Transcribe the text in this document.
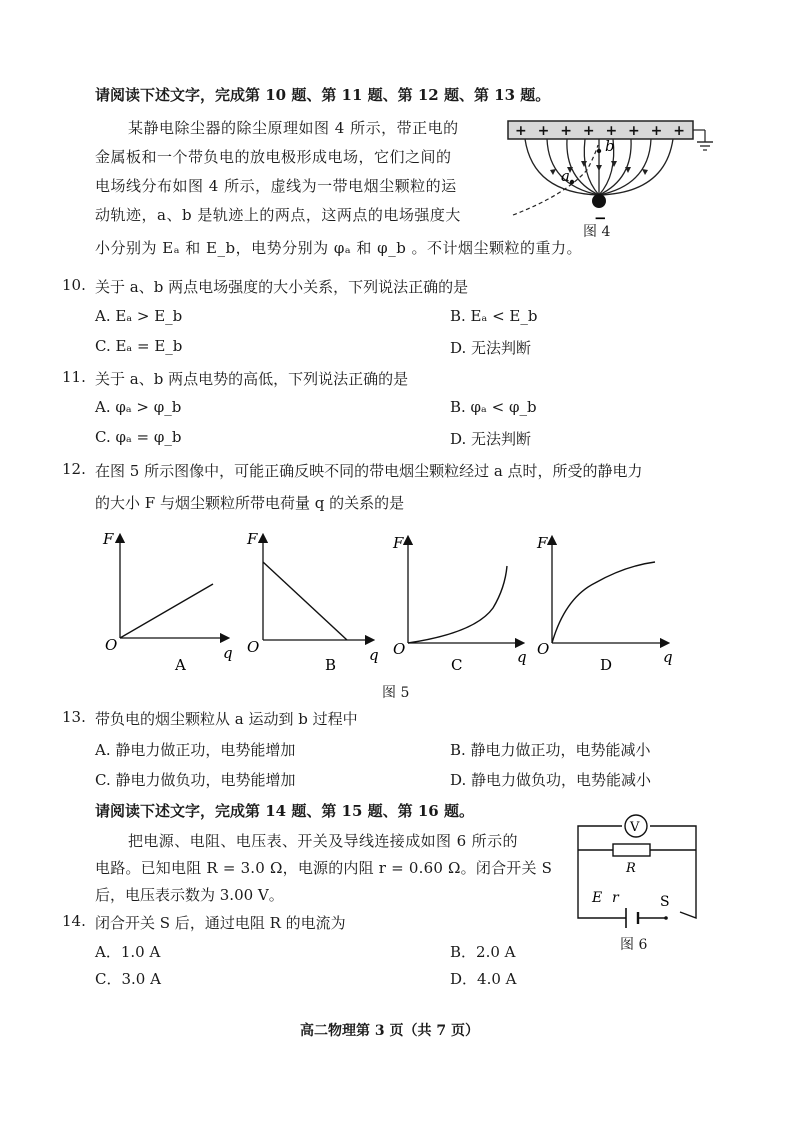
请阅读下述文字，完成第 10 题、第 11 题、第 12 题、第 13 题。
某静电除尘器的除尘原理如图 4 所示，带正电的
金属板和一个带负电的放电极形成电场，它们之间的
电场线分布如图 4 所示，虚线为一带电烟尘颗粒的运
动轨迹，a、b 是轨迹上的两点，这两点的电场强度大
小分别为 Eₐ 和 E_b，电势分别为 φₐ 和 φ_b 。不计烟尘颗粒的重力。
+ + + + + + + +
a
b
−
图 4
10. 关于 a、b 两点电场强度的大小关系，下列说法正确的是
A. Eₐ > E_b	B. Eₐ < E_b
C. Eₐ = E_b	D. 无法判断
11. 关于 a、b 两点电势的高低，下列说法正确的是
A. φₐ > φ_b	B. φₐ < φ_b
C. φₐ = φ_b	D. 无法判断
12. 在图 5 所示图像中，可能正确反映不同的带电烟尘颗粒经过 a 点时，所受的静电力
的大小 F 与烟尘颗粒所带电荷量 q 的关系的是
F
q
O
A
F
q
O
B
F
q
O
C
F
q
O
D
图 5
13. 带负电的烟尘颗粒从 a 运动到 b 过程中
A. 静电力做正功，电势能增加	B. 静电力做正功，电势能减小
C. 静电力做负功，电势能增加	D. 静电力做负功，电势能减小
请阅读下述文字，完成第 14 题、第 15 题、第 16 题。
把电源、电阻、电压表、开关及导线连接成如图 6 所示的
电路。已知电阻 R = 3.0 Ω，电源的内阻 r = 0.60 Ω。闭合开关 S
后，电压表示数为 3.00 V。
V
R
E r	S
图 6
14. 闭合开关 S 后，通过电阻 R 的电流为
A．1.0 A	B．2.0 A
C．3.0 A	D．4.0 A
高二物理第 3 页（共 7 页）
